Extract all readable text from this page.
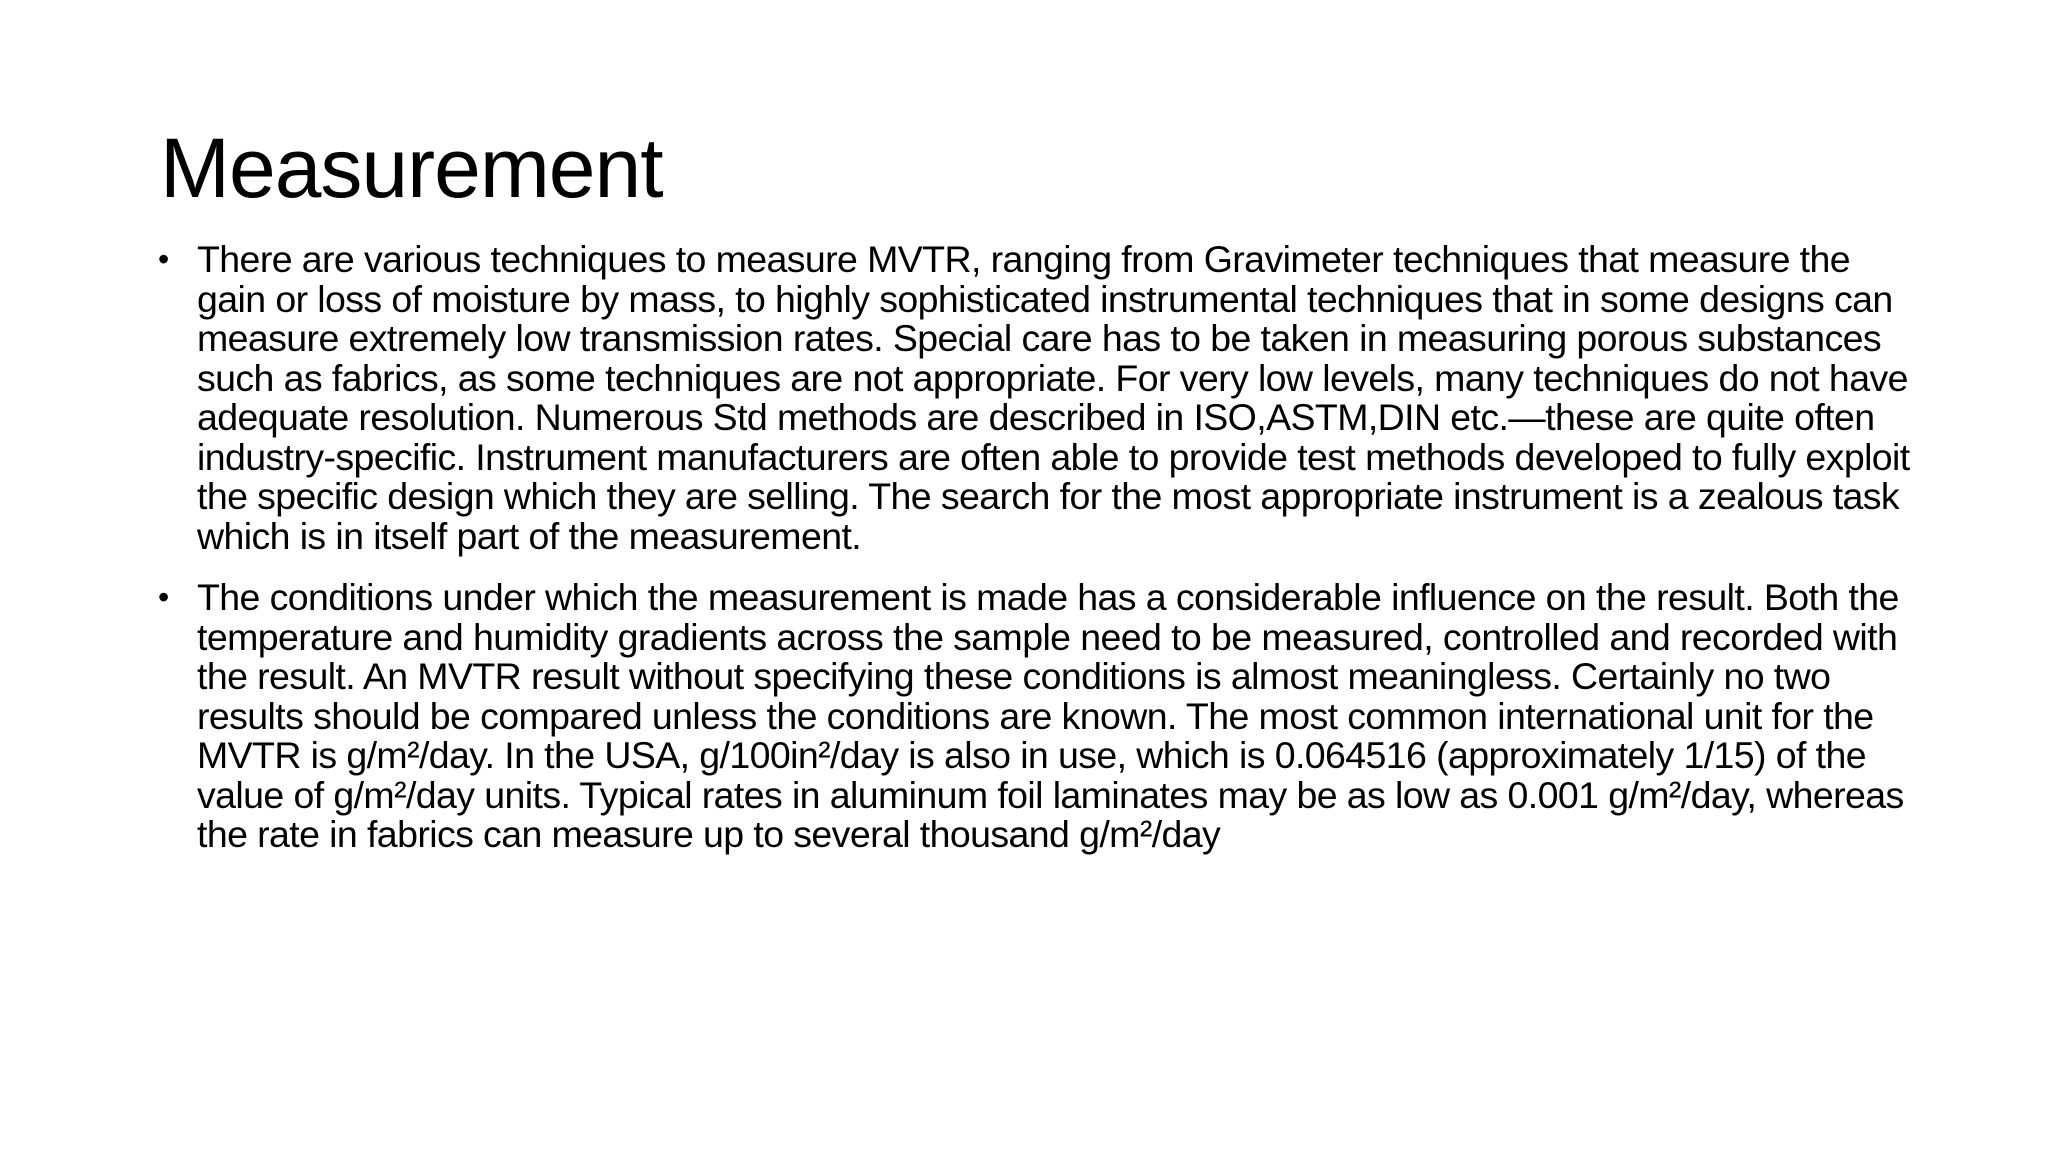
Measurement
• There are various techniques to measure MVTR, ranging from Gravimeter techniques that measure the gain or loss of moisture by mass, to highly sophisticated instrumental techniques that in some designs can measure extremely low transmission rates. Special care has to be taken in measuring porous substances such as fabrics, as some techniques are not appropriate. For very low levels, many techniques do not have adequate resolution. Numerous Std methods are described in ISO,ASTM,DIN etc.—these are quite often industry-specific. Instrument manufacturers are often able to provide test methods developed to fully exploit the specific design which they are selling. The search for the most appropriate instrument is a zealous task which is in itself part of the measurement.
• The conditions under which the measurement is made has a considerable influence on the result. Both the temperature and humidity gradients across the sample need to be measured, controlled and recorded with the result. An MVTR result without specifying these conditions is almost meaningless. Certainly no two results should be compared unless the conditions are known. The most common international unit for the MVTR is g/m²/day. In the USA, g/100in²/day is also in use, which is 0.064516 (approximately 1/15) of the value of g/m²/day units. Typical rates in aluminum foil laminates may be as low as 0.001 g/m²/day, whereas the rate in fabrics can measure up to several thousand g/m²/day
